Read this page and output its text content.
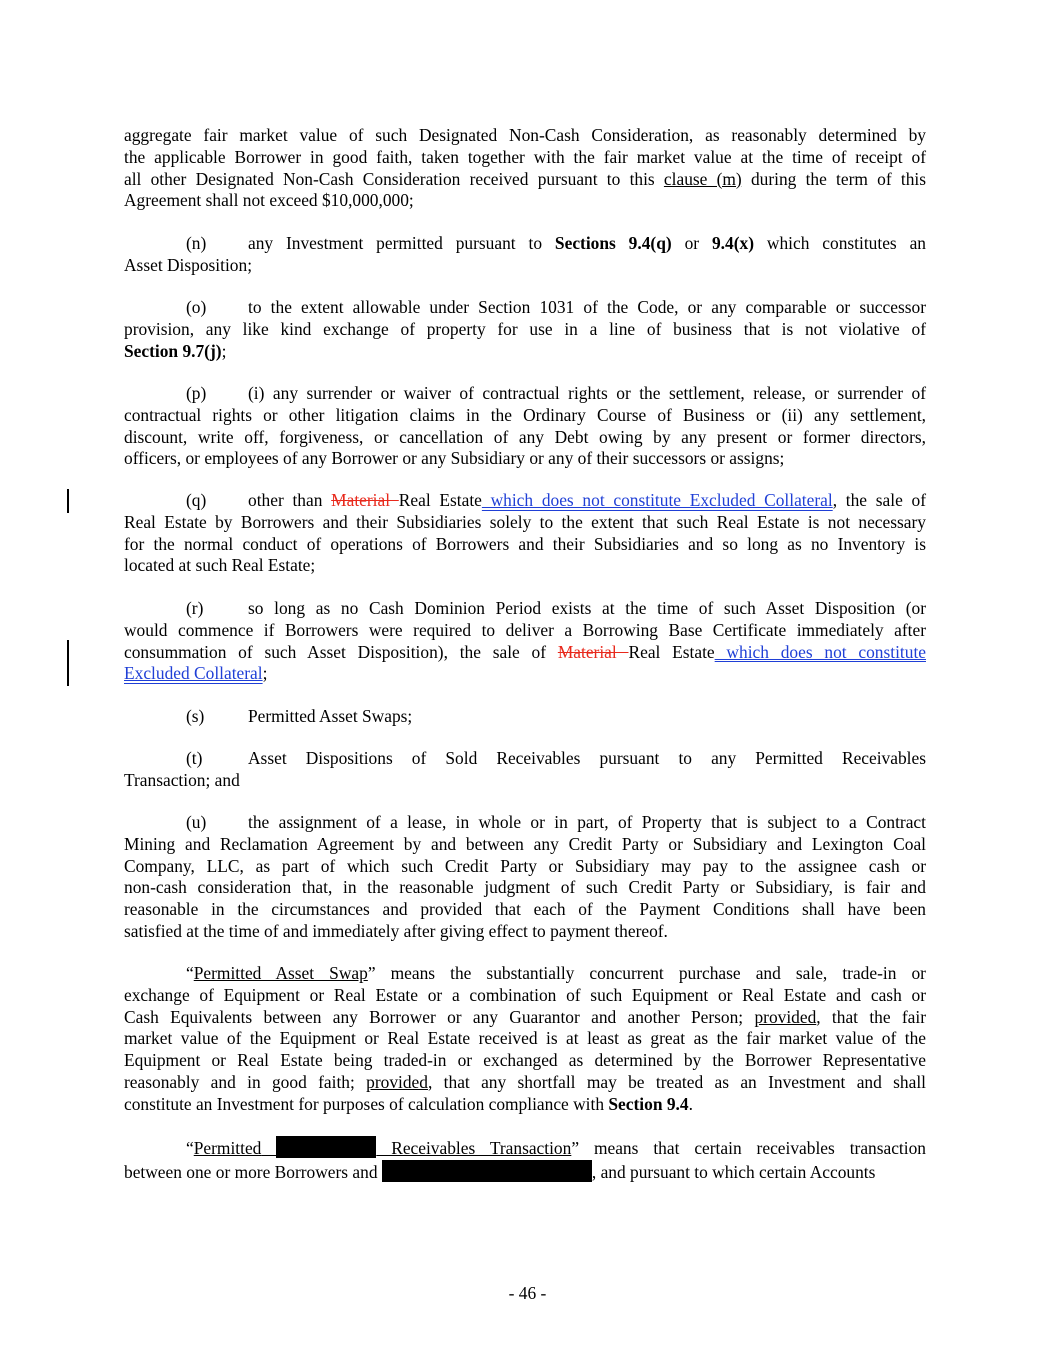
aggregate fair market value of such Designated Non-Cash Consideration, as reasonably determined by
the applicable Borrower in good faith, taken together with the fair market value at the time of receipt of
all other Designated Non-Cash Consideration received pursuant to this clause (m) during the term of this
Agreement shall not exceed $10,000,000;
(n) any Investment permitted pursuant to Sections 9.4(q) or 9.4(x) which constitutes an
Asset Disposition;
(o) to the extent allowable under Section 1031 of the Code, or any comparable or successor
provision, any like kind exchange of property for use in a line of business that is not violative of
Section 9.7(j);
(p) (i) any surrender or waiver of contractual rights or the settlement, release, or surrender of
contractual rights or other litigation claims in the Ordinary Course of Business or (ii) any settlement,
discount, write off, forgiveness, or cancellation of any Debt owing by any present or former directors,
officers, or employees of any Borrower or any Subsidiary or any of their successors or assigns;
(q) other than Material Real Estate which does not constitute Excluded Collateral, the sale of
Real Estate by Borrowers and their Subsidiaries solely to the extent that such Real Estate is not necessary
for the normal conduct of operations of Borrowers and their Subsidiaries and so long as no Inventory is
located at such Real Estate;
(r)	so long as no Cash Dominion Period exists at the time of such Asset Disposition (or
would commence if Borrowers were required to deliver a Borrowing Base Certificate immediately after
consummation of such Asset Disposition), the sale of Material Real Estate which does not constitute
Excluded Collateral;
(s)	Permitted Asset Swaps;
(t)	Asset Dispositions of Sold Receivables pursuant to any Permitted Receivables
Transaction; and
(u) the assignment of a lease, in whole or in part, of Property that is subject to a Contract
Mining and Reclamation Agreement by and between any Credit Party or Subsidiary and Lexington Coal
Company, LLC, as part of which such Credit Party or Subsidiary may pay to the assignee cash or
non-cash consideration that, in the reasonable judgment of such Credit Party or Subsidiary, is fair and
reasonable in the circumstances and provided that each of the Payment Conditions shall have been
satisfied at the time of and immediately after giving effect to payment thereof.
“Permitted Asset Swap” means the substantially concurrent purchase and sale, trade-in or
exchange of Equipment or Real Estate or a combination of such Equipment or Real Estate and cash or
Cash Equivalents between any Borrower or any Guarantor and another Person; provided, that the fair
market value of the Equipment or Real Estate received is at least as great as the fair market value of the
Equipment or Real Estate being traded-in or exchanged as determined by the Borrower Representative
reasonably and in good faith; provided, that any shortfall may be treated as an Investment and shall
constitute an Investment for purposes of calculation compliance with Section 9.4.
“Permitted	Receivables Transaction” means that certain receivables transaction
between one or more Borrowers and	, and pursuant to which certain Accounts
- 46 -
